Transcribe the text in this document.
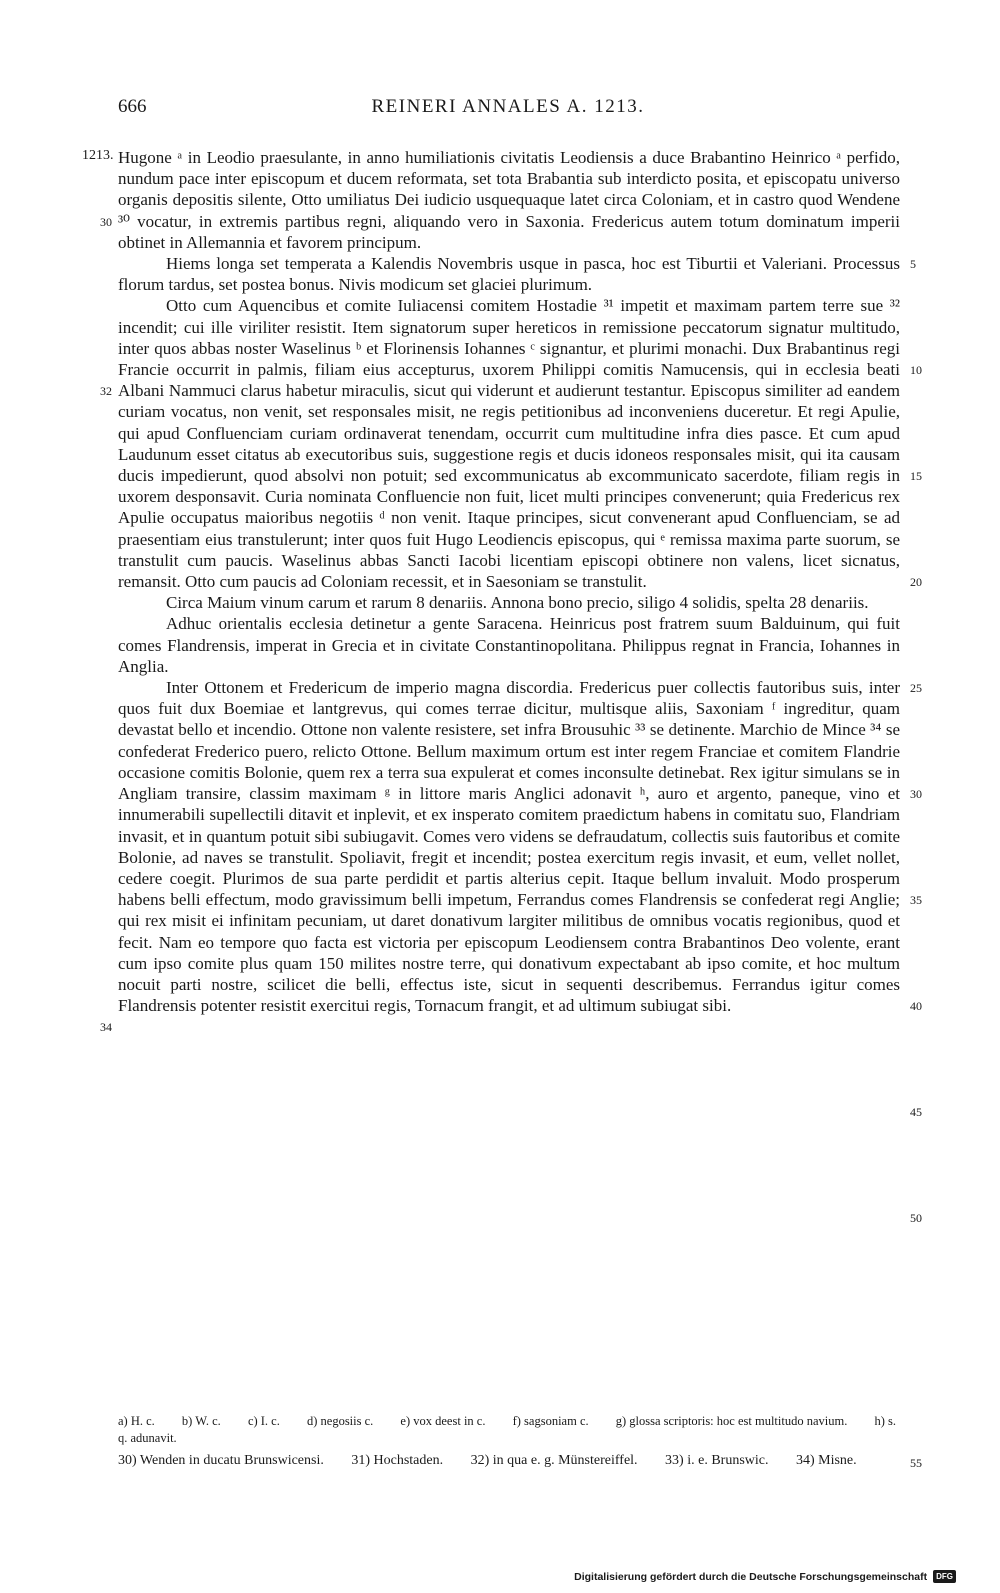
666	REINERI ANNALES A. 1213.
1213.
30
32
34
5
10
15
20
25
30
35
40
45
50

Hugone ᵃ in Leodio praesulante, in anno humiliationis civitatis Leodiensis a duce Brabantino Heinrico ᵃ perfido, nundum pace inter episcopum et ducem reformata, set tota Brabantia sub interdicto posita, et episcopatu universo organis depositis silente, Otto umiliatus Dei iudicio usquequaque latet circa Coloniam, et in castro quod Wendene ³⁰ vocatur, in extremis partibus regni, aliquando vero in Saxonia. Fredericus autem totum dominatum imperii obtinet in Allemannia et favorem principum.

Hiems longa set temperata a Kalendis Novembris usque in pasca, hoc est Tiburtii et Valeriani. Processus florum tardus, set postea bonus. Nivis modicum set glaciei plurimum.

Otto cum Aquencibus et comite Iuliacensi comitem Hostadie ³¹ impetit et maximam partem terre sue ³² incendit; cui ille viriliter resistit. Item signatorum super hereticos in remissione peccatorum signatur multitudo, inter quos abbas noster Waselinus ᵇ et Florinensis Iohannes ᶜ signantur, et plurimi monachi. Dux Brabantinus regi Francie occurrit in palmis, filiam eius accepturus, uxorem Philippi comitis Namucensis, qui in ecclesia beati Albani Nammuci clarus habetur miraculis, sicut qui viderunt et audierunt testantur. Episcopus similiter ad eandem curiam vocatus, non venit, set responsales misit, ne regis petitionibus ad inconveniens duceretur. Et regi Apulie, qui apud Confluenciam curiam ordinaverat tenendam, occurrit cum multitudine infra dies pasce. Et cum apud Laudunum esset citatus ab executoribus suis, suggestione regis et ducis idoneos responsales misit, qui ita causam ducis impedierunt, quod absolvi non potuit; sed excommunicatus ab excommunicato sacerdote, filiam regis in uxorem desponsavit. Curia nominata Confluencie non fuit, licet multi principes convenerunt; quia Fredericus rex Apulie occupatus maioribus negotiis ᵈ non venit. Itaque principes, sicut convenerant apud Confluenciam, se ad praesentiam eius transtulerunt; inter quos fuit Hugo Leodiencis episcopus, qui ᵉ remissa maxima parte suorum, se transtulit cum paucis. Waselinus abbas Sancti Iacobi licentiam episcopi obtinere non valens, licet sicnatus, remansit. Otto cum paucis ad Coloniam recessit, et in Saesoniam se transtulit.

Circa Maium vinum carum et rarum 8 denariis. Annona bono precio, siligo 4 solidis, spelta 28 denariis.

Adhuc orientalis ecclesia detinetur a gente Saracena. Heinricus post fratrem suum Balduinum, qui fuit comes Flandrensis, imperat in Grecia et in civitate Constantinopolitana. Philippus regnat in Francia, Iohannes in Anglia.

Inter Ottonem et Fredericum de imperio magna discordia. Fredericus puer collectis fautoribus suis, inter quos fuit dux Boemiae et lantgrevus, qui comes terrae dicitur, multisque aliis, Saxoniam ᶠ ingreditur, quam devastat bello et incendio. Ottone non valente resistere, set infra Brousuhic ³³ se detinente. Marchio de Mince ³⁴ se confederat Frederico puero, relicto Ottone. Bellum maximum ortum est inter regem Franciae et comitem Flandrie occasione comitis Bolonie, quem rex a terra sua expulerat et comes inconsulte detinebat. Rex igitur simulans se in Angliam transire, classim maximam ᵍ in littore maris Anglici adonavit ʰ, auro et argento, paneque, vino et innumerabili supellectili ditavit et inplevit, et ex insperato comitem praedictum habens in comitatu suo, Flandriam invasit, et in quantum potuit sibi subiugavit. Comes vero videns se defraudatum, collectis suis fautoribus et comite Bolonie, ad naves se transtulit. Spoliavit, fregit et incendit; postea exercitum regis invasit, et eum, vellet nollet, cedere coegit. Plurimos de sua parte perdidit et partis alterius cepit. Itaque bellum invaluit. Modo prosperum habens belli effectum, modo gravissimum belli impetum, Ferrandus comes Flandrensis se confederat regi Anglie; qui rex misit ei infinitam pecuniam, ut daret donativum largiter militibus de omnibus vocatis regionibus, quod et fecit. Nam eo tempore quo facta est victoria per episcopum Leodiensem contra Brabantinos Deo volente, erant cum ipso comite plus quam 150 milites nostre terre, qui donativum expectabant ab ipso comite, et hoc multum nocuit parti nostre, scilicet die belli, effectus iste, sicut in sequenti describemus. Ferrandus igitur comes Flandrensis potenter resistit exercitui regis, Tornacum frangit, et ad ultimum subiugat sibi.

a) H. c. b) W. c. c) I. c. d) negosiis c. e) vox deest in c. f) sagsoniam c. g) glossa scriptoris: hoc est multitudo navium. h) s. q. adunavit.
30) Wenden in ducatu Brunswicensi. 31) Hochstaden. 32) in qua e. g. Münstereiffel. 33) i. e. Brunswic. 34) Misne.	55
Digitalisierung gefördert durch die Deutsche Forschungsgemeinschaft	DFG
